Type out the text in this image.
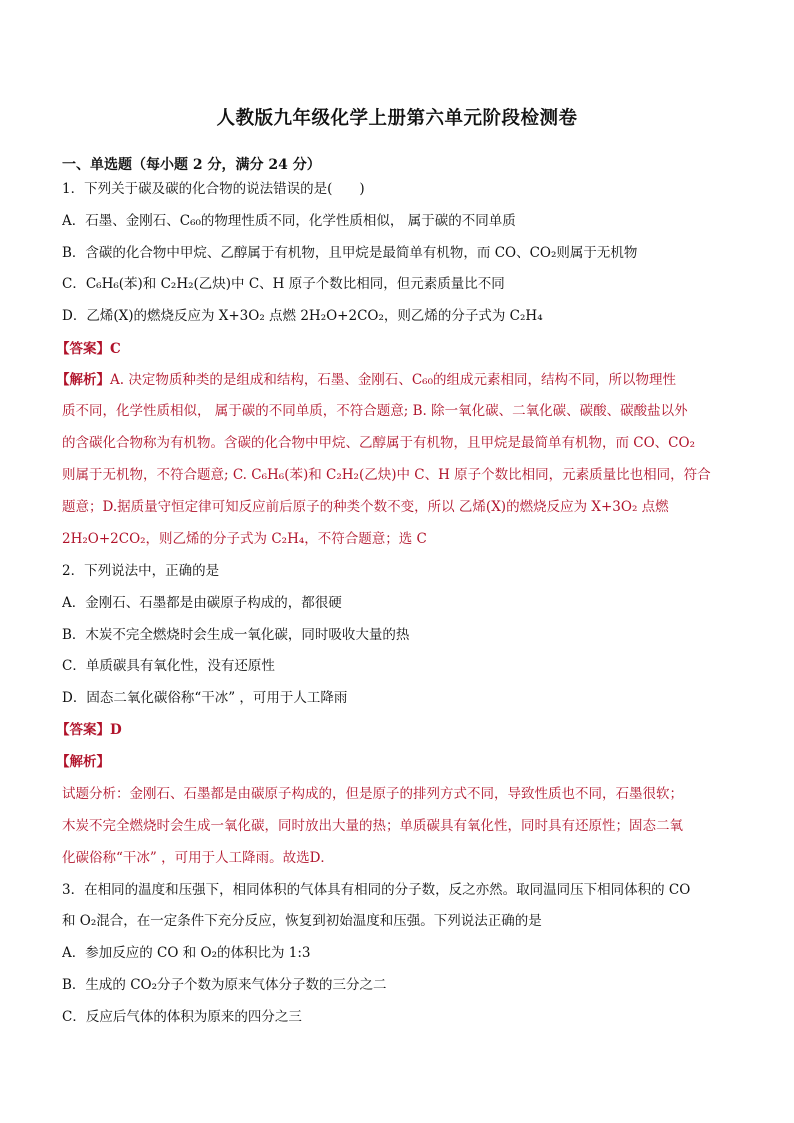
人教版九年级化学上册第六单元阶段检测卷
一、单选题（每小题 2 分，满分 24 分）
1．下列关于碳及碳的化合物的说法错误的是(　　)
A．石墨、金刚石、C₆₀的物理性质不同，化学性质相似， 属于碳的不同单质
B．含碳的化合物中甲烷、乙醇属于有机物，且甲烷是最简单有机物，而 CO、CO₂则属于无机物
C．C₆H₆(苯)和 C₂H₂(乙炔)中 C、H 原子个数比相同，但元素质量比不同
D．乙烯(X)的燃烧反应为 X+3O₂ 点燃 2H₂O+2CO₂，则乙烯的分子式为 C₂H₄
【答案】C
【解析】A. 决定物质种类的是组成和结构，石墨、金刚石、C₆₀的组成元素相同，结构不同，所以物理性
质不同，化学性质相似， 属于碳的不同单质，不符合题意; B. 除一氧化碳、二氧化碳、碳酸、碳酸盐以外
的含碳化合物称为有机物。含碳的化合物中甲烷、乙醇属于有机物，且甲烷是最简单有机物，而 CO、CO₂
则属于无机物，不符合题意; C. C₆H₆(苯)和 C₂H₂(乙炔)中 C、H 原子个数比相同，元素质量比也相同，符合
题意；D.据质量守恒定律可知反应前后原子的种类个数不变，所以 乙烯(X)的燃烧反应为 X+3O₂ 点燃
2H₂O+2CO₂，则乙烯的分子式为 C₂H₄，不符合题意；选 C
2．下列说法中，正确的是
A．金刚石、石墨都是由碳原子构成的，都很硬
B．木炭不完全燃烧时会生成一氧化碳，同时吸收大量的热
C．单质碳具有氧化性，没有还原性
D．固态二氧化碳俗称“干冰” ，可用于人工降雨
【答案】D
【解析】
试题分析：金刚石、石墨都是由碳原子构成的，但是原子的排列方式不同，导致性质也不同，石墨很软；
木炭不完全燃烧时会生成一氧化碳，同时放出大量的热；单质碳具有氧化性，同时具有还原性；固态二氧
化碳俗称“干冰” ，可用于人工降雨。故选D．
3．在相同的温度和压强下，相同体积的气体具有相同的分子数，反之亦然。取同温同压下相同体积的 CO
和 O₂混合，在一定条件下充分反应，恢复到初始温度和压强。下列说法正确的是
A．参加反应的 CO 和 O₂的体积比为 1:3
B．生成的 CO₂分子个数为原来气体分子数的三分之二
C．反应后气体的体积为原来的四分之三
